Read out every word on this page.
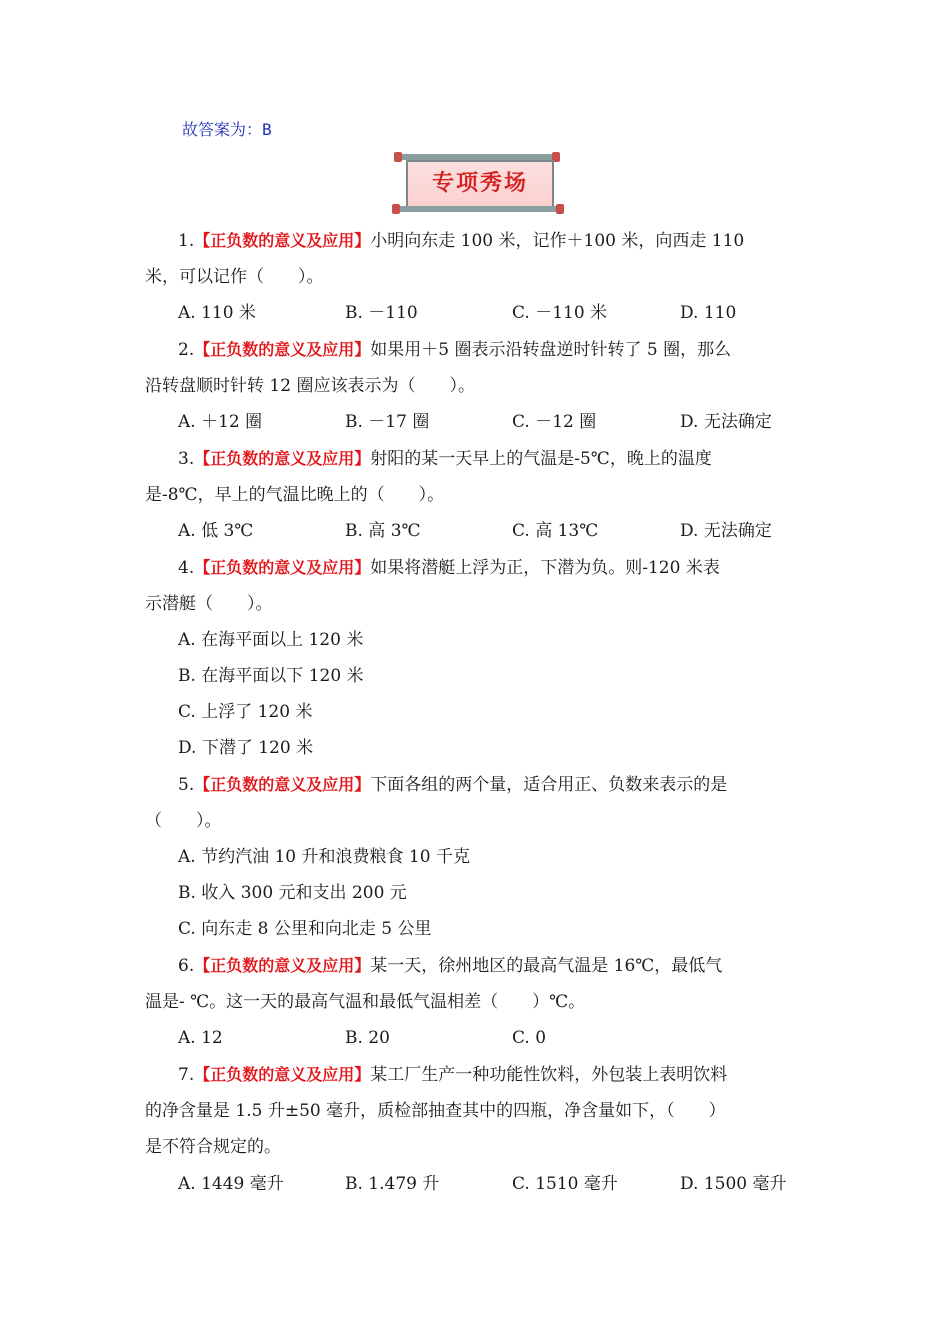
故答案为：B
专项秀场
1.【正负数的意义及应用】小明向东走 100 米，记作＋100 米，向西走 110
米，可以记作（　　）。
A. 110 米	B. －110	C. －110 米	D. 110
2.【正负数的意义及应用】如果用＋5 圈表示沿转盘逆时针转了 5 圈，那么
沿转盘顺时针转 12 圈应该表示为（　　）。
A. ＋12 圈	B. －17 圈	C. －12 圈	D. 无法确定
3.【正负数的意义及应用】射阳的某一天早上的气温是-5℃，晚上的温度
是-8℃，早上的气温比晚上的（　　）。
A. 低 3℃	B. 高 3℃	C. 高 13℃	D. 无法确定
4.【正负数的意义及应用】如果将潜艇上浮为正，下潜为负。则-120 米表
示潜艇（　　）。
A. 在海平面以上 120 米
B. 在海平面以下 120 米
C. 上浮了 120 米
D. 下潜了 120 米
5.【正负数的意义及应用】下面各组的两个量，适合用正、负数来表示的是
（　　）。
A. 节约汽油 10 升和浪费粮食 10 千克
B. 收入 300 元和支出 200 元
C. 向东走 8 公里和向北走 5 公里
6.【正负数的意义及应用】某一天，徐州地区的最高气温是 16℃，最低气
温是- ℃。这一天的最高气温和最低气温相差（　　）℃。
A. 12	B. 20	C. 0
7.【正负数的意义及应用】某工厂生产一种功能性饮料，外包装上表明饮料
的净含量是 1.5 升±50 毫升，质检部抽查其中的四瓶，净含量如下，（　　）
是不符合规定的。
A. 1449 毫升	B. 1.479 升	C. 1510 毫升	D. 1500 毫升
